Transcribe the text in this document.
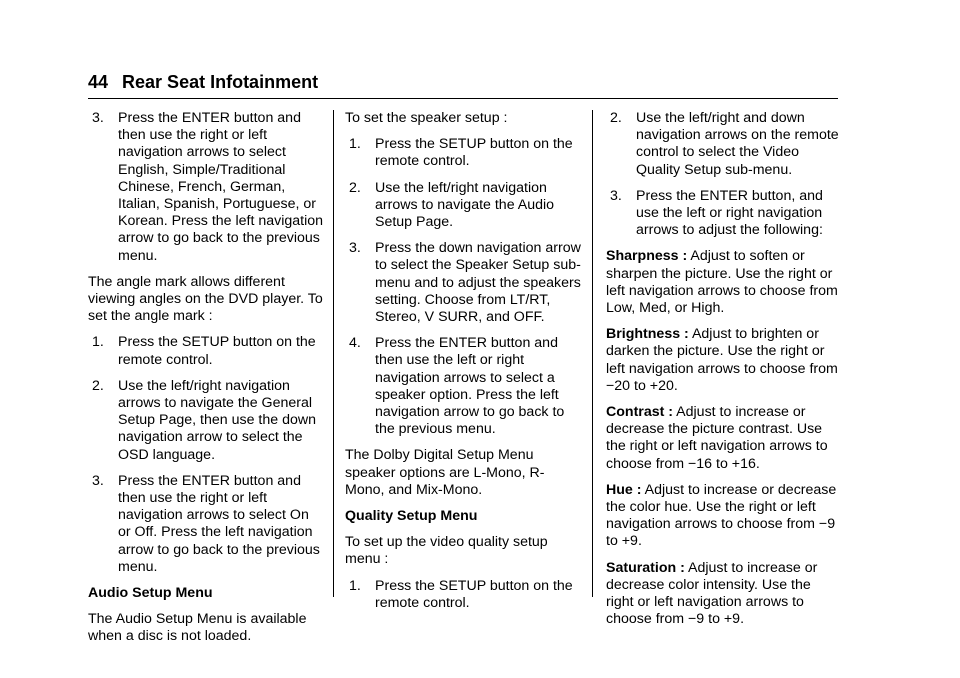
44 Rear Seat Infotainment
3. Press the ENTER button and then use the right or left navigation arrows to select English, Simple/Traditional Chinese, French, German, Italian, Spanish, Portuguese, or Korean. Press the left navigation arrow to go back to the previous menu.

The angle mark allows different viewing angles on the DVD player. To set the angle mark :

1. Press the SETUP button on the remote control.
2. Use the left/right navigation arrows to navigate the General Setup Page, then use the down navigation arrow to select the OSD language.
3. Press the ENTER button and then use the right or left navigation arrows to select On or Off. Press the left navigation arrow to go back to the previous menu.
Audio Setup Menu

The Audio Setup Menu is available when a disc is not loaded.

To set the speaker setup :

1. Press the SETUP button on the remote control.
2. Use the left/right navigation arrows to navigate the Audio Setup Page.
3. Press the down navigation arrow to select the Speaker Setup sub-menu and to adjust the speakers setting. Choose from LT/RT, Stereo, V SURR, and OFF.
4. Press the ENTER button and then use the left or right navigation arrows to select a speaker option. Press the left navigation arrow to go back to the previous menu.

The Dolby Digital Setup Menu speaker options are L-Mono, R-Mono, and Mix-Mono.

Quality Setup Menu

To set up the video quality setup menu :

1. Press the SETUP button on the remote control.
2. Use the left/right and down navigation arrows on the remote control to select the Video Quality Setup sub-menu.
3. Press the ENTER button, and use the left or right navigation arrows to adjust the following:

Sharpness : Adjust to soften or sharpen the picture. Use the right or left navigation arrows to choose from Low, Med, or High.

Brightness : Adjust to brighten or darken the picture. Use the right or left navigation arrows to choose from −20 to +20.

Contrast : Adjust to increase or decrease the picture contrast. Use the right or left navigation arrows to choose from −16 to +16.

Hue : Adjust to increase or decrease the color hue. Use the right or left navigation arrows to choose from −9 to +9.

Saturation : Adjust to increase or decrease color intensity. Use the right or left navigation arrows to choose from −9 to +9.
